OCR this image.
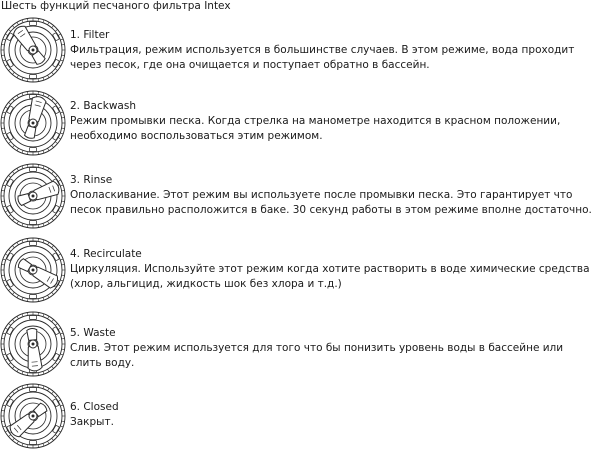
Шесть функций песчаного фильтра Intex
1. Filter
Фильтрация, режим используется в большинстве случаев. В этом режиме, вода проходит через песок, где она очищается и поступает обратно в бассейн.
2. Backwash
Режим промывки песка. Когда стрелка на манометре находится в красном положении, необходимо воспользоваться этим режимом.
3. Rinse
Ополаскивание. Этот режим вы используете после промывки песка. Это гарантирует что песок правильно расположится в баке. 30 секунд работы в этом режиме вполне достаточно.
4. Recirculate
Циркуляция. Используйте этот режим когда хотите растворить в воде химические средства (хлор, альгицид, жидкость шок без хлора и т.д.)
5. Waste
Слив. Этот режим используется для того что бы понизить уровень воды в бассейне или слить воду.
6. Closed
Закрыт.
